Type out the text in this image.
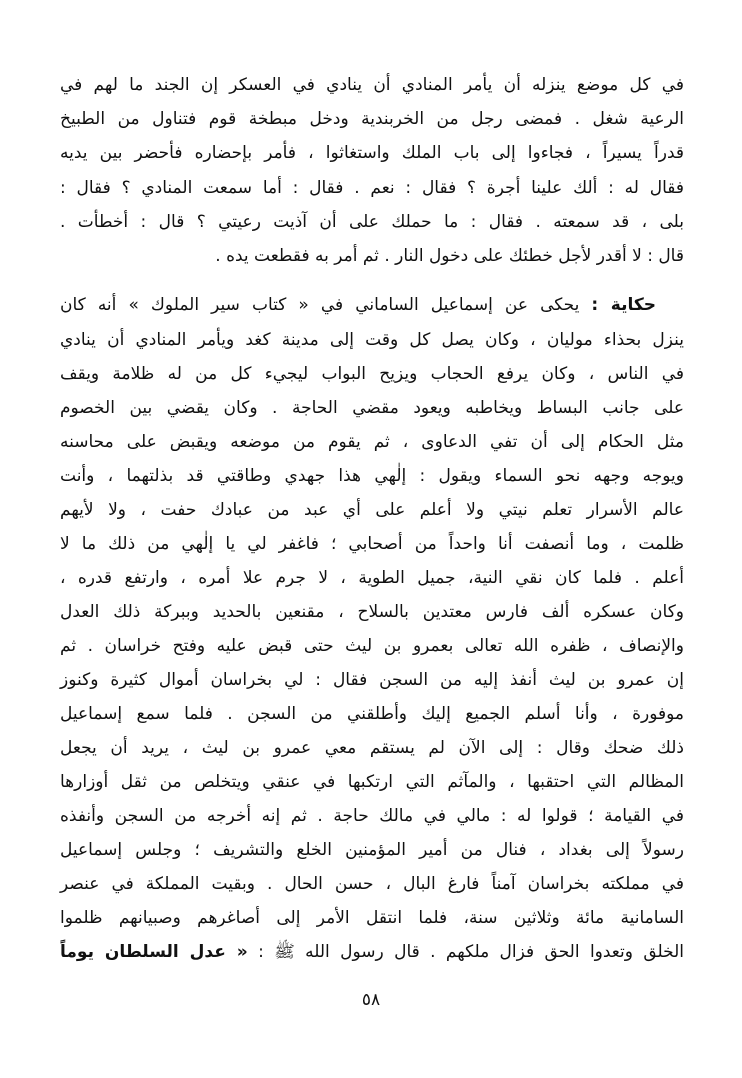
في كل موضع ينزله أن يأمر المنادي أن ينادي في العسكر إن الجند ما لهم في
الرعية شغل . فمضى رجل من الخربندية ودخل مبطخة قوم فتناول من الطبيخ
قدراً يسيراً ، فجاءوا إلى باب الملك واستغاثوا ، فأمر بإحضاره فأحضر بين يديه
فقال له : ألك علينا أجرة ؟ فقال : نعم . فقال : أما سمعت المنادي ؟ فقال :
بلى ، قد سمعته . فقال : ما حملك على أن آذيت رعيتي ؟ قال : أخطأت .
قال : لا أقدر لأجل خطئك على دخول النار . ثم أمر به فقطعت يده .
حكاية : يحكى عن إسماعيل الساماني في « كتاب سير الملوك » أنه كان
ينزل بحذاء موليان ، وكان يصل كل وقت إلى مدينة كغد ويأمر المنادي أن ينادي
في الناس ، وكان يرفع الحجاب ويزيح البواب ليجيء كل من له ظلامة ويقف
على جانب البساط ويخاطبه ويعود مقضي الحاجة . وكان يقضي بين الخصوم
مثل الحكام إلى أن تفي الدعاوى ، ثم يقوم من موضعه ويقبض على محاسنه
ويوجه وجهه نحو السماء ويقول : إلٰهي هذا جهدي وطاقتي قد بذلتهما ، وأنت
عالم الأسرار تعلم نيتي ولا أعلم على أي عبد من عبادك حفت ، ولا لأيهم
ظلمت ، وما أنصفت أنا واحداً من أصحابي ؛ فاغفر لي يا إلٰهي من ذلك ما لا
أعلم . فلما كان نقي النية، جميل الطوية ، لا جرم علا أمره ، وارتفع قدره ،
وكان عسكره ألف فارس معتدين بالسلاح ، مقنعين بالحديد وببركة ذلك العدل
والإنصاف ، ظفره الله تعالى بعمرو بن ليث حتى قبض عليه وفتح خراسان . ثم
إن عمرو بن ليث أنفذ إليه من السجن فقال : لي بخراسان أموال كثيرة وكنوز
موفورة ، وأنا أسلم الجميع إليك وأطلقني من السجن . فلما سمع إسماعيل
ذلك ضحك وقال : إلى الآن لم يستقم معي عمرو بن ليث ، يريد أن يجعل
المظالم التي احتقبها ، والمآثم التي ارتكبها في عنقي ويتخلص من ثقل أوزارها
في القيامة ؛ قولوا له : مالي في مالك حاجة . ثم إنه أخرجه من السجن وأنفذه
رسولاً إلى بغداد ، فنال من أمير المؤمنين الخلع والتشريف ؛ وجلس إسماعيل
في مملكته بخراسان آمناً فارغ البال ، حسن الحال . وبقيت المملكة في عنصر
السامانية مائة وثلاثين سنة، فلما انتقل الأمر إلى أصاغرهم وصبيانهم ظلموا
الخلق وتعدوا الحق فزال ملكهم . قال رسول الله ﷺ : « عدل السلطان يوماً
٥٨
